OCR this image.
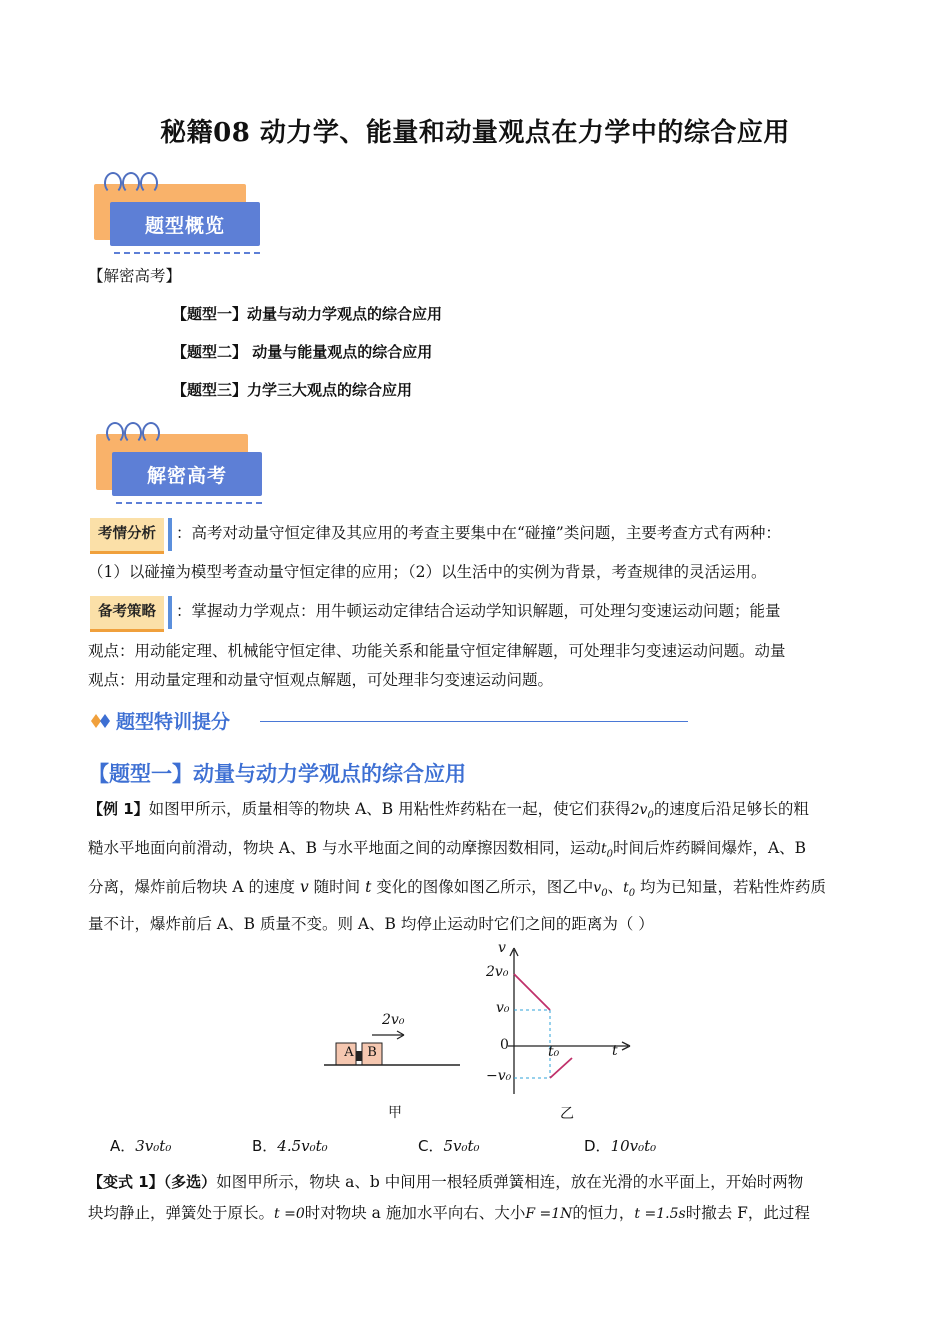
秘籍08 动力学、能量和动量观点在力学中的综合应用
题型概览
【解密高考】
【题型一】动量与动力学观点的综合应用
【题型二】 动量与能量观点的综合应用
【题型三】力学三大观点的综合应用
解密高考
考情分析 ：高考对动量守恒定律及其应用的考查主要集中在“碰撞”类问题，主要考查方式有两种：
（1）以碰撞为模型考查动量守恒定律的应用；（2）以生活中的实例为背景，考查规律的灵活运用。
备考策略 ：掌握动力学观点：用牛顿运动定律结合运动学知识解题，可处理匀变速运动问题；能量
观点：用动能定理、机械能守恒定律、功能关系和能量守恒定律解题，可处理非匀变速运动问题。动量
观点：用动量定理和动量守恒观点解题，可处理非匀变速运动问题。
题型特训提分
【题型一】动量与动力学观点的综合应用
【例 1】如图甲所示，质量相等的物块 A、B 用粘性炸药粘在一起，使它们获得$2v_0$的速度后沿足够长的粗
糙水平地面向前滑动，物块 A、B 与水平地面之间的动摩擦因数相同，运动$t_0$时间后炸药瞬间爆炸，A、B
分离，爆炸前后物块 A 的速度 v 随时间 t 变化的图像如图乙所示，图乙中$v_0$、$t_0$ 均为已知量，若粘性炸药质
量不计，爆炸前后 A、B 质量不变。则 A、B 均停止运动时它们之间的距离为（ ）
A	B
2v₀
甲
v
2v₀
v₀
0	t₀	t
−v₀
乙
A．3v₀t₀	B．4.5v₀t₀	C．5v₀t₀	D．10v₀t₀
【变式 1】（多选）如图甲所示，物块 a、b 中间用一根轻质弹簧相连，放在光滑的水平面上，开始时两物
块均静止，弹簧处于原长。t =0时对物块 a 施加水平向右、大小F =1N的恒力，t =1.5s时撤去 F，此过程
